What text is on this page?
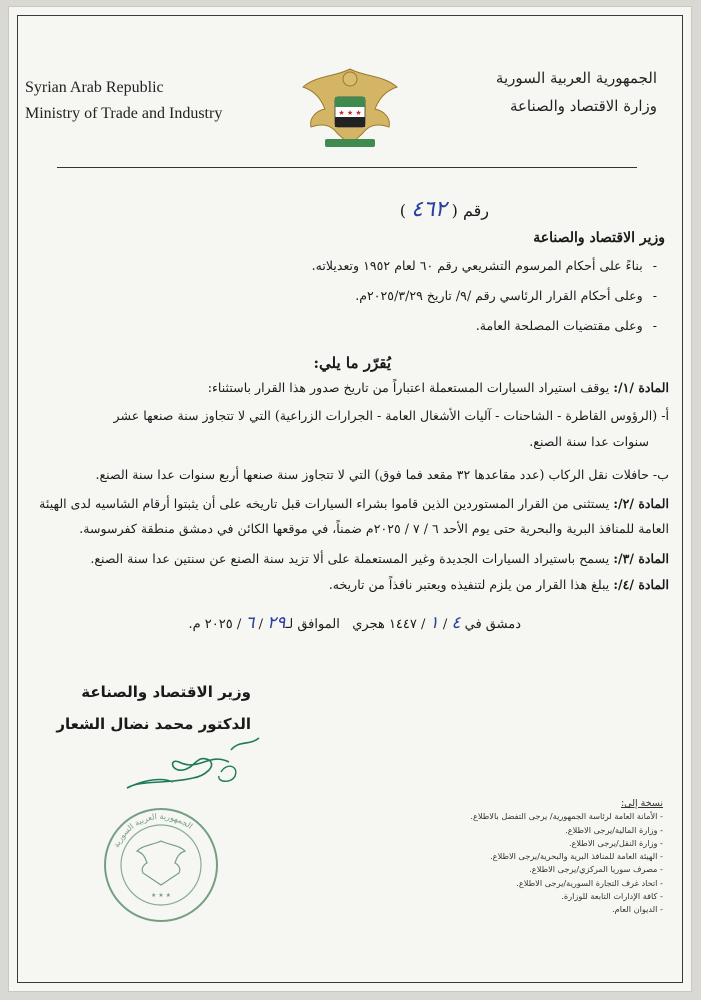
Syrian Arab Republic
Ministry of Trade and Industry	★ ★ ★
الجمهورية العربية السورية
وزارة الاقتصاد والصناعة
رقم ( ٤٦٢ )
وزير الاقتصاد والصناعة
-بناءً على أحكام المرسوم التشريعي رقم ٦٠ لعام ١٩٥٢ وتعديلاته.
-وعلى أحكام القرار الرئاسي رقم /٩/ تاريخ ٢٠٢٥/٣/٢٩م.
-وعلى مقتضيات المصلحة العامة.
يُقرّر ما يلي:
المادة /١/: يوقف استيراد السيارات المستعملة اعتباراً من تاريخ صدور هذا القرار باستثناء:
أ- (الرؤوس القاطرة - الشاحنات - آليات الأشغال العامة - الجرارات الزراعية) التي لا تتجاوز سنة صنعها عشر
سنوات عدا سنة الصنع.
ب- حافلات نقل الركاب (عدد مقاعدها ٣٢ مقعد فما فوق) التي لا تتجاوز سنة صنعها أربع سنوات عدا سنة الصنع.
المادة /٢/: يستثنى من القرار المستوردين الذين قاموا بشراء السيارات قبل تاريخه على أن يثبتوا أرقام الشاسيه لدى الهيئة
العامة للمنافذ البرية والبحرية حتى يوم الأحد ٦ / ٧ / ٢٠٢٥م ضمناً، في موقعها الكائن في دمشق منطقة كفرسوسة.
المادة /٣/: يسمح باستيراد السيارات الجديدة وغير المستعملة على ألا تزيد سنة الصنع عن سنتين عدا سنة الصنع.
المادة /٤/: يبلغ هذا القرار من يلزم لتنفيذه ويعتبر نافذاً من تاريخه.
دمشق في ٤ / ١ / ١٤٤٧ هجري   الموافق لـ٢٩ / ٦ / ٢٠٢٥ م.
وزير الاقتصاد والصناعة
الدكتور محمد نضال الشعار
★ ★ ★
الجمهورية العربية السورية
نسخة إلى:
- الأمانة العامة لرئاسة الجمهورية/ يرجى التفضل بالاطلاع.
- وزارة المالية/يرجى الاطلاع.
- وزارة النقل/يرجى الاطلاع.
- الهيئة العامة للمنافذ البرية والبحرية/يرجى الاطلاع.
- مصرف سوريا المركزي/يرجى الاطلاع.
- اتحاد غرف التجارة السورية/يرجى الاطلاع.
- كافة الإدارات التابعة للوزارة.
- الديوان العام.
